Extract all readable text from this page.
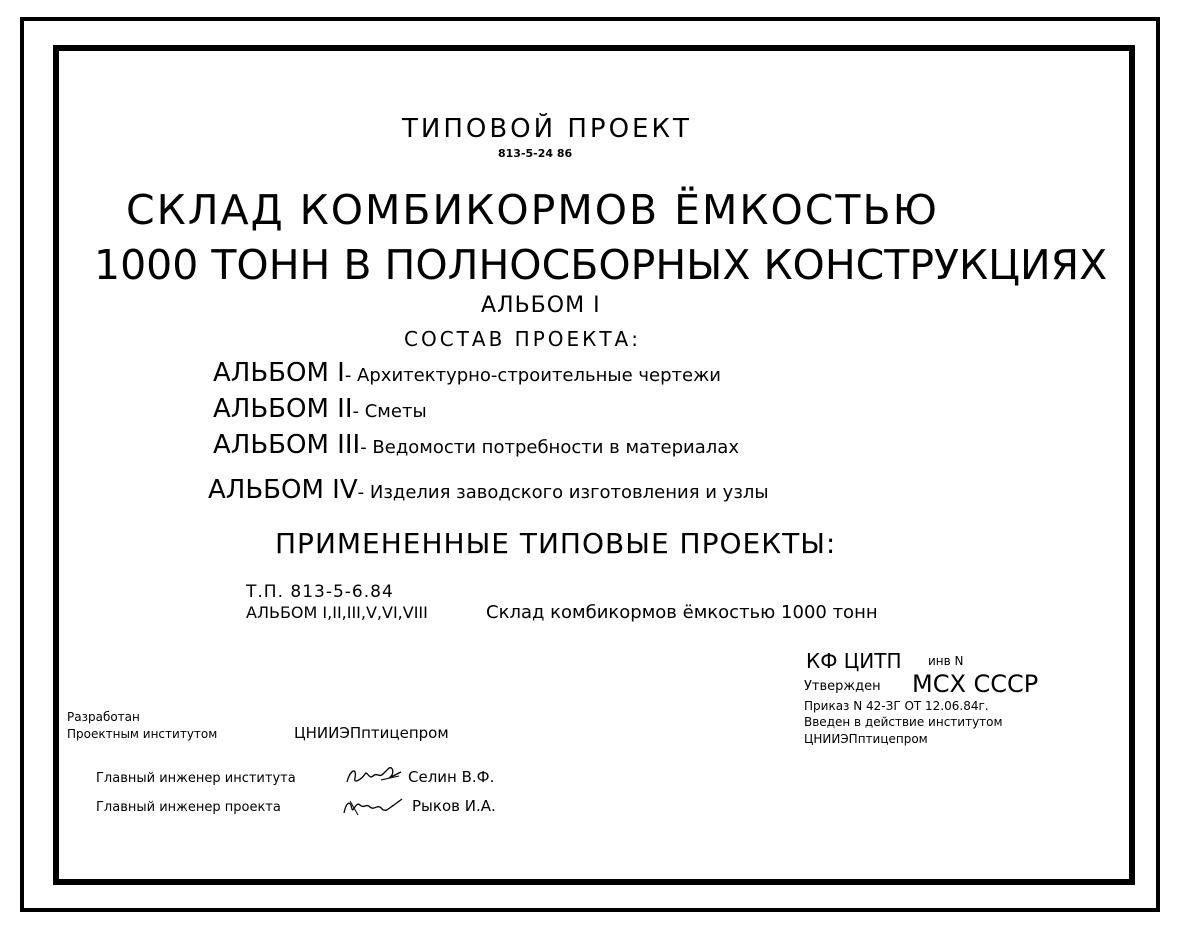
ТИПОВОЙ ПРОЕКТ
813-5-24 86
СКЛАД КОМБИКОРМОВ ЁМКОСТЬЮ
1000 ТОНН В ПОЛНОСБОРНЫХ КОНСТРУКЦИЯХ
АЛЬБОМ I
СОСТАВ ПРОЕКТА:
АЛЬБОМ I- Архитектурно-строительные чертежи
АЛЬБОМ II- Сметы
АЛЬБОМ III- Ведомости потребности в материалах
АЛЬБОМ IV- Изделия заводского изготовления и узлы
ПРИМЕНЕННЫЕ ТИПОВЫЕ ПРОЕКТЫ:
Т.П. 813-5-6.84
АЛЬБОМ I,II,III,V,VI,VIII	Склад комбикормов ёмкостью 1000 тонн
КФ ЦИТП инв N
Утвержден МСХ СССР
Приказ N 42-ЗГ ОТ 12.06.84г.
Введен в действие институтом
ЦНИИЭПптицепром
Разработан
Проектным институтом	ЦНИИЭПптицепром
Главный инженер института	Селин В.Ф.
Главный инженер проекта	Рыков И.А.
